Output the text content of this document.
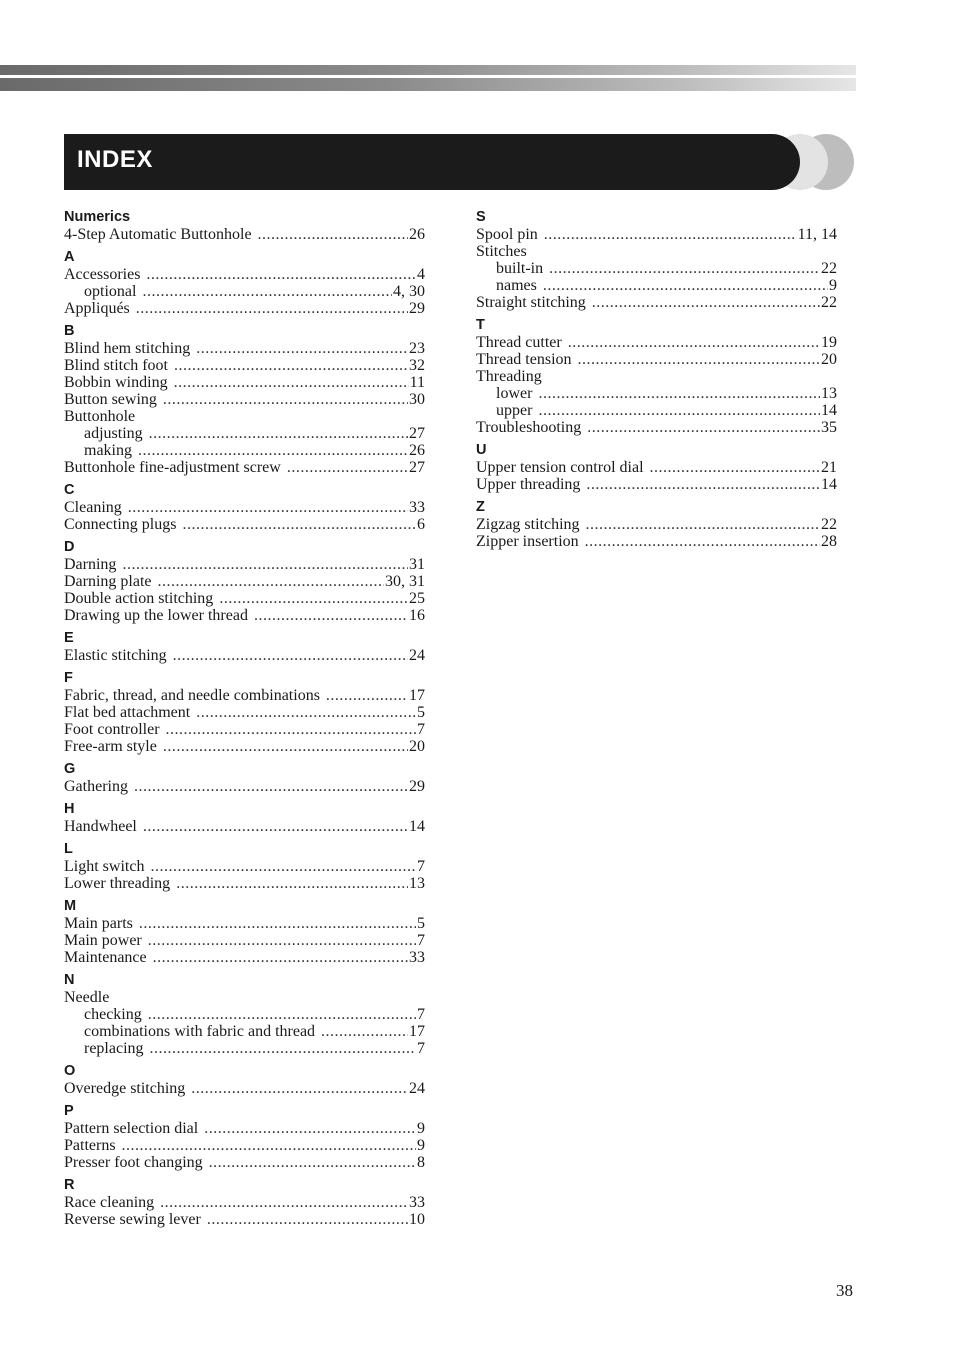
INDEX
Numerics
4-Step Automatic Buttonhole .....	26
A
Accessories .....	4
optional .....	4, 30
Appliqués .....	29
B
Blind hem stitching .....	23
Blind stitch foot .....	32
Bobbin winding .....	11
Button sewing .....	30
Buttonhole
adjusting .....	27
making .....	26
Buttonhole fine-adjustment screw .....	27
C
Cleaning .....	33
Connecting plugs .....	6
D
Darning .....	31
Darning plate .....	30, 31
Double action stitching .....	25
Drawing up the lower thread .....	16
E
Elastic stitching .....	24
F
Fabric, thread, and needle combinations .....	17
Flat bed attachment .....	5
Foot controller .....	7
Free-arm style .....	20
G
Gathering .....	29
H
Handwheel .....	14
L
Light switch .....	7
Lower threading .....	13
M
Main parts .....	5
Main power .....	7
Maintenance .....	33
N
Needle
checking .....	7
combinations with fabric and thread .....	17
replacing .....	7
O
Overedge stitching .....	24
P
Pattern selection dial .....	9
Patterns .....	9
Presser foot changing .....	8
R
Race cleaning .....	33
Reverse sewing lever .....	10
S
Spool pin .....	11, 14
Stitches
built-in .....	22
names .....	9
Straight stitching .....	22
T
Thread cutter .....	19
Thread tension .....	20
Threading
lower .....	13
upper .....	14
Troubleshooting .....	35
U
Upper tension control dial .....	21
Upper threading .....	14
Z
Zigzag stitching .....	22
Zipper insertion .....	28
38
